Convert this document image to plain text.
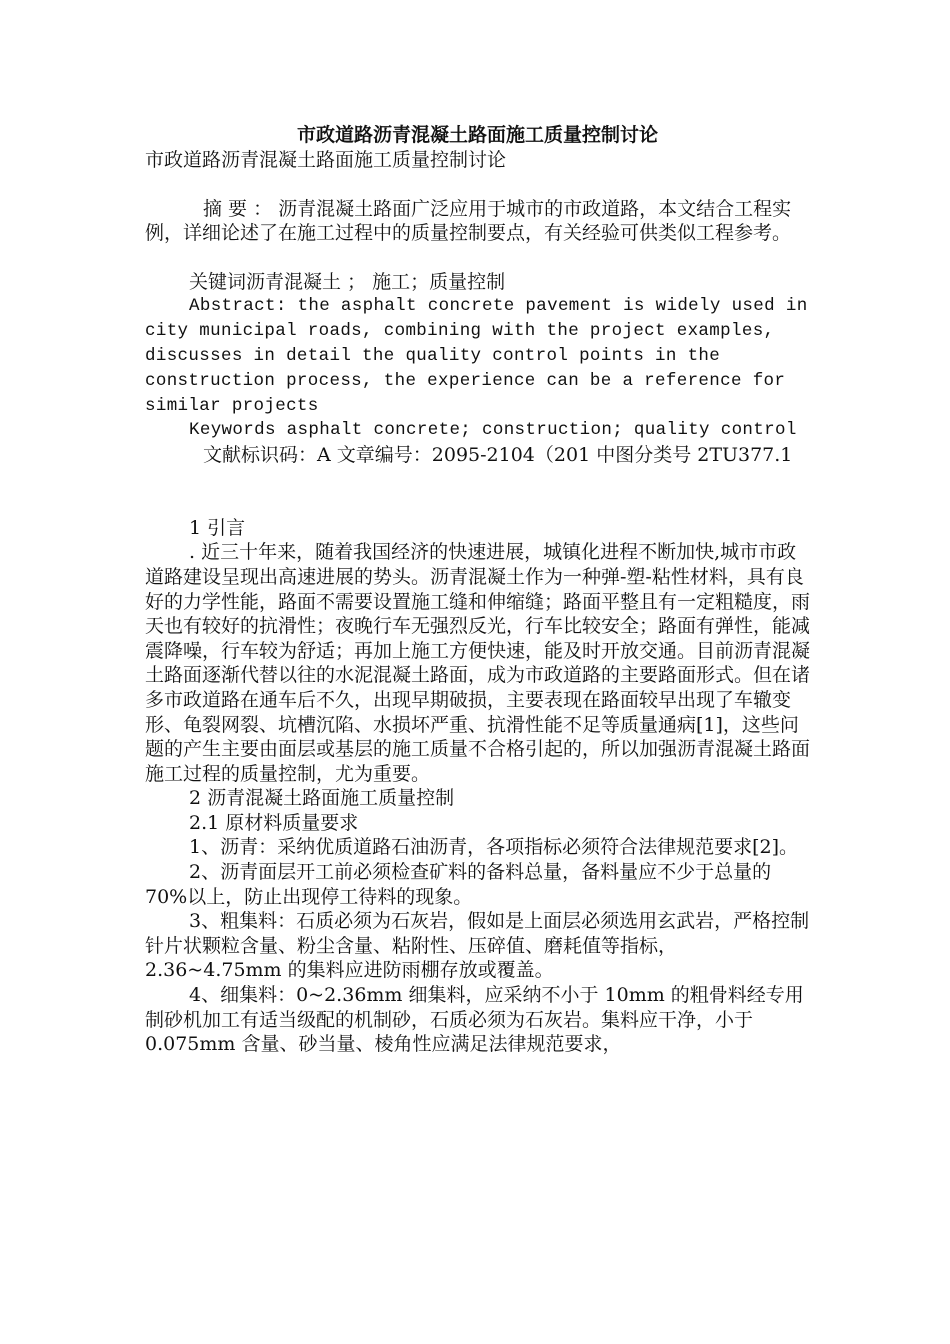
市政道路沥青混凝土路面施工质量控制讨论

市政道路沥青混凝土路面施工质量控制讨论

摘 要 ： 沥青混凝土路面广泛应用于城市的市政道路，本文结合工程实例，详细论述了在施工过程中的质量控制要点，有关经验可供类似工程参考。

关键词沥青混凝土 ； 施工；质量控制

Abstract: the asphalt concrete pavement is widely used in city municipal roads, combining with the project examples, discusses in detail the quality control points in the construction process, the experience can be a reference for similar projects

Keywords asphalt concrete; construction; quality control

文献标识码：A 文章编号：2095-2104（201 中图分类号 2TU377.1

1 引言

. 近三十年来，随着我国经济的快速进展，城镇化进程不断加快,城市市政道路建设呈现出高速进展的势头。沥青混凝土作为一种弹-塑-粘性材料，具有良好的力学性能，路面不需要设置施工缝和伸缩缝；路面平整且有一定粗糙度，雨天也有较好的抗滑性；夜晚行车无强烈反光，行车比较安全；路面有弹性，能减震降噪，行车较为舒适；再加上施工方便快速，能及时开放交通。目前沥青混凝土路面逐渐代替以往的水泥混凝土路面，成为市政道路的主要路面形式。但在诸多市政道路在通车后不久，出现早期破损，主要表现在路面较早出现了车辙变形、龟裂网裂、坑槽沉陷、水损坏严重、抗滑性能不足等质量通病[1]，这些问题的产生主要由面层或基层的施工质量不合格引起的，所以加强沥青混凝土路面施工过程的质量控制，尤为重要。

2 沥青混凝土路面施工质量控制

2.1 原材料质量要求

1、沥青：采纳优质道路石油沥青，各项指标必须符合法律规范要求[2]。

2、沥青面层开工前必须检查矿料的备料总量，备料量应不少于总量的 70%以上，防止出现停工待料的现象。

3、粗集料：石质必须为石灰岩，假如是上面层必须选用玄武岩，严格控制针片状颗粒含量、粉尘含量、粘附性、压碎值、磨耗值等指标，2.36~4.75mm 的集料应进防雨棚存放或覆盖。

4、细集料：0~2.36mm 细集料，应采纳不小于 10mm 的粗骨料经专用制砂机加工有适当级配的机制砂，石质必须为石灰岩。集料应干净，小于 0.075mm 含量、砂当量、棱角性应满足法律规范要求，
